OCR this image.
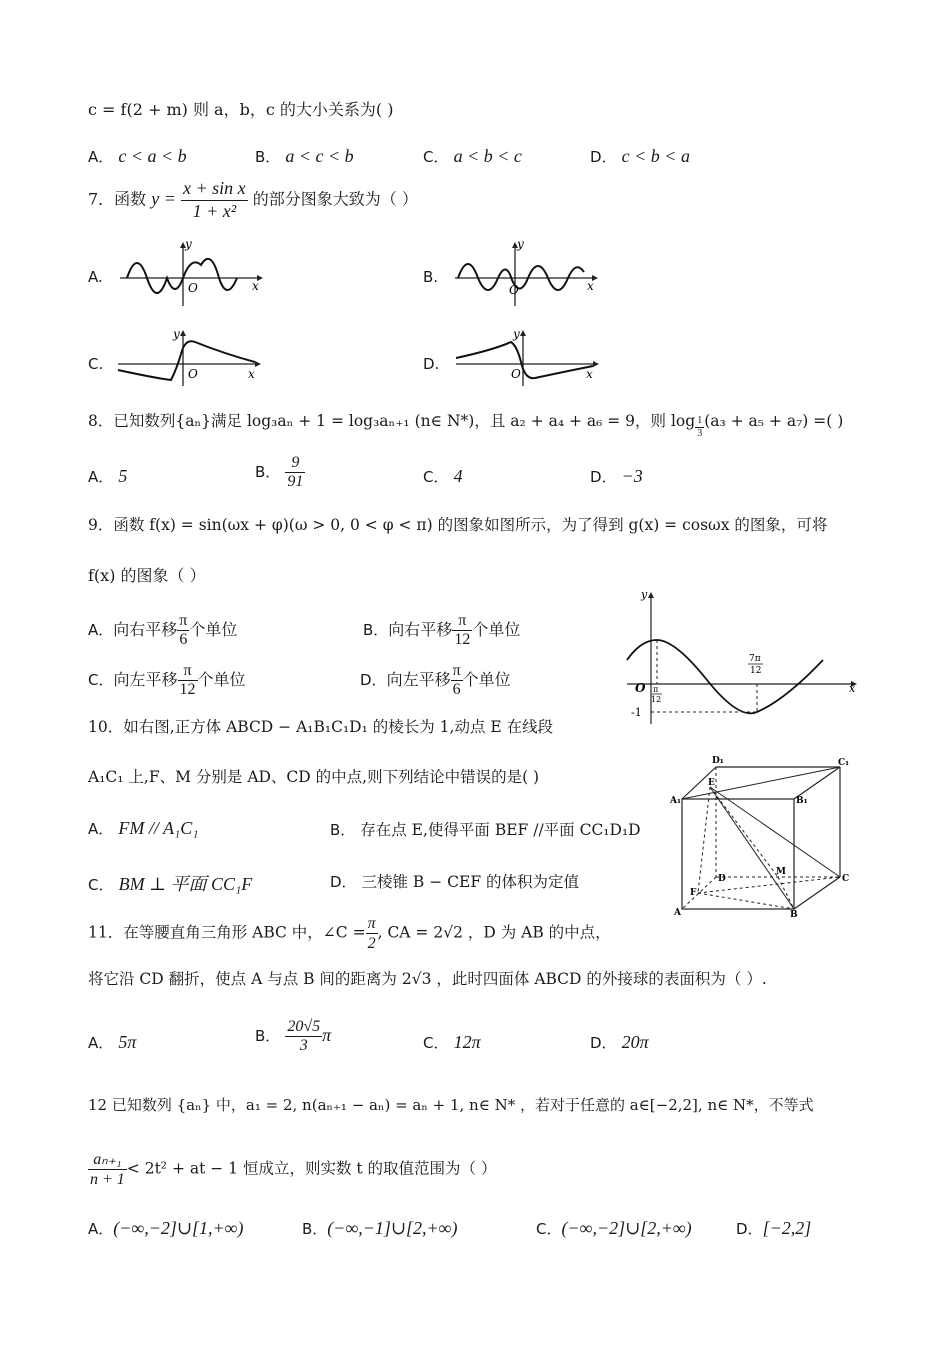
c = f(2 + m) 则 a，b，c 的大小关系为( )
A． c < a < b	B． a < c < b	C． a < b < c	D． c < b < a
7．函数 $y = \frac{\text{x + sin x}}{\text{1 + x²}}$ 的部分图象大致为（ ）
A.
y
x
O
B.
y
x
O
C.
y
x
O
D.
y
x
O
8．已知数列{aₙ}满足 log₃aₙ + 1 = log₃aₙ₊₁ (n∈ N*)，且 a₂ + a₄ + a₆ = 9，则 $\log \frac{1}{3} (a_3 + a_5 + a_7)$ =( )
A． 5	B． $\frac{9}{91}$	C． 4	D． −3
9．函数 f(x) = sin(ωx + φ)(ω > 0, 0 < φ < π) 的图象如图所示，为了得到 g(x) = cosωx 的图象，可将
f(x) 的图象（ ）
A．向右平移 $\frac{\pi}{6}$ 个单位	B．向右平移 $\frac{\pi}{12}$ 个单位
C．向左平移 $\frac{\pi}{12}$ 个单位	D．向左平移 $\frac{\pi}{6}$ 个单位
y
x
O
-1
π
12
7π
12
10．如右图,正方体 ABCD − A₁B₁C₁D₁ 的棱长为 1,动点 E 在线段
A₁C₁ 上,F、M 分别是 AD、CD 的中点,则下列结论中错误的是( )
A． FM // A₁C₁	B． 存在点 E,使得平面 BEF //平面 CC₁D₁D
C． BM ⊥ 平面 CC₁F	D． 三棱锥 B − CEF 的体积为定值
D₁	C₁
A₁	B₁
E
D
M
C
F
A	B
11．在等腰直角三角形 ABC 中，∠C = $\frac{\pi}{2}$ , CA = 2√2 ，D 为 AB 的中点，
将它沿 CD 翻折，使点 A 与点 B 间的距离为 2√3 ，此时四面体 ABCD 的外接球的表面积为（ ）.
A． 5π	B． $\frac{20√5}{3}$ π	C． 12π	D． 20π
12 已知数列 {aₙ} 中，a₁ = 2, n(aₙ₊₁ − aₙ) = aₙ + 1, n∈ N* ，若对于任意的 a∈[−2,2], n∈ N*，不等式
$\frac{\text{aₙ₊₁}}{n + 1} < 2t^2$ + at − 1 恒成立，则实数 t 的取值范围为（ ）
A．(−∞,−2]∪[1,+∞)	B．(−∞,−1]∪[2,+∞)	C．(−∞,−2]∪[2,+∞)	D．[−2,2]
